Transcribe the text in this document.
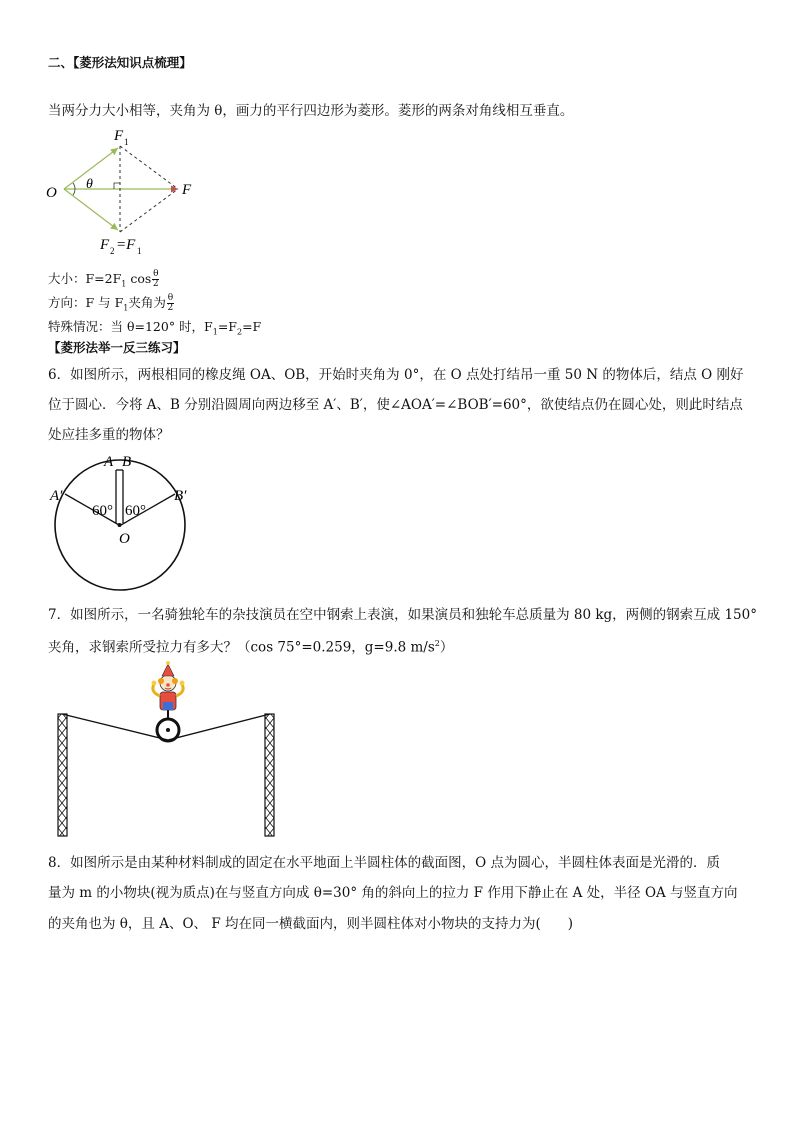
二、【菱形法知识点梳理】
当两分力大小相等，夹角为 θ，画力的平行四边形为菱形。菱形的两条对角线相互垂直。
O
θ	F
F 1
F 2 =F 1
大小：$F=2F_1$ $\cos \frac{\theta}{2}$
方向：F 与 $F_1$夹角为 $\frac{\theta}{2}$
特殊情况：当 θ=120° 时，$F_1=F_2=F$
【菱形法举一反三练习】
6．如图所示，两根相同的橡皮绳 OA、OB，开始时夹角为 0°，在 O 点处打结吊一重 50 N 的物体后，结点 O 刚好
位于圆心．今将 A、B 分别沿圆周向两边移至 A′、B′，使∠AOA′=∠BOB′=60°，欲使结点仍在圆心处，则此时结点
处应挂多重的物体？
A B
A′	B′
60° 60°
O
7．如图所示，一名骑独轮车的杂技演员在空中钢索上表演，如果演员和独轮车总质量为 80 kg，两侧的钢索互成 150°
夹角，求钢索所受拉力有多大？（cos 75°=0.259，g=9.8 $m/s^2$）
8．如图所示是由某种材料制成的固定在水平地面上半圆柱体的截面图，O 点为圆心，半圆柱体表面是光滑的．质
量为 m 的小物块(视为质点)在与竖直方向成 θ=30° 角的斜向上的拉力 F 作用下静止在 A 处，半径 OA 与竖直方向
的夹角也为 θ，且 A、O、 F 均在同一横截面内，则半圆柱体对小物块的支持力为(　　)
